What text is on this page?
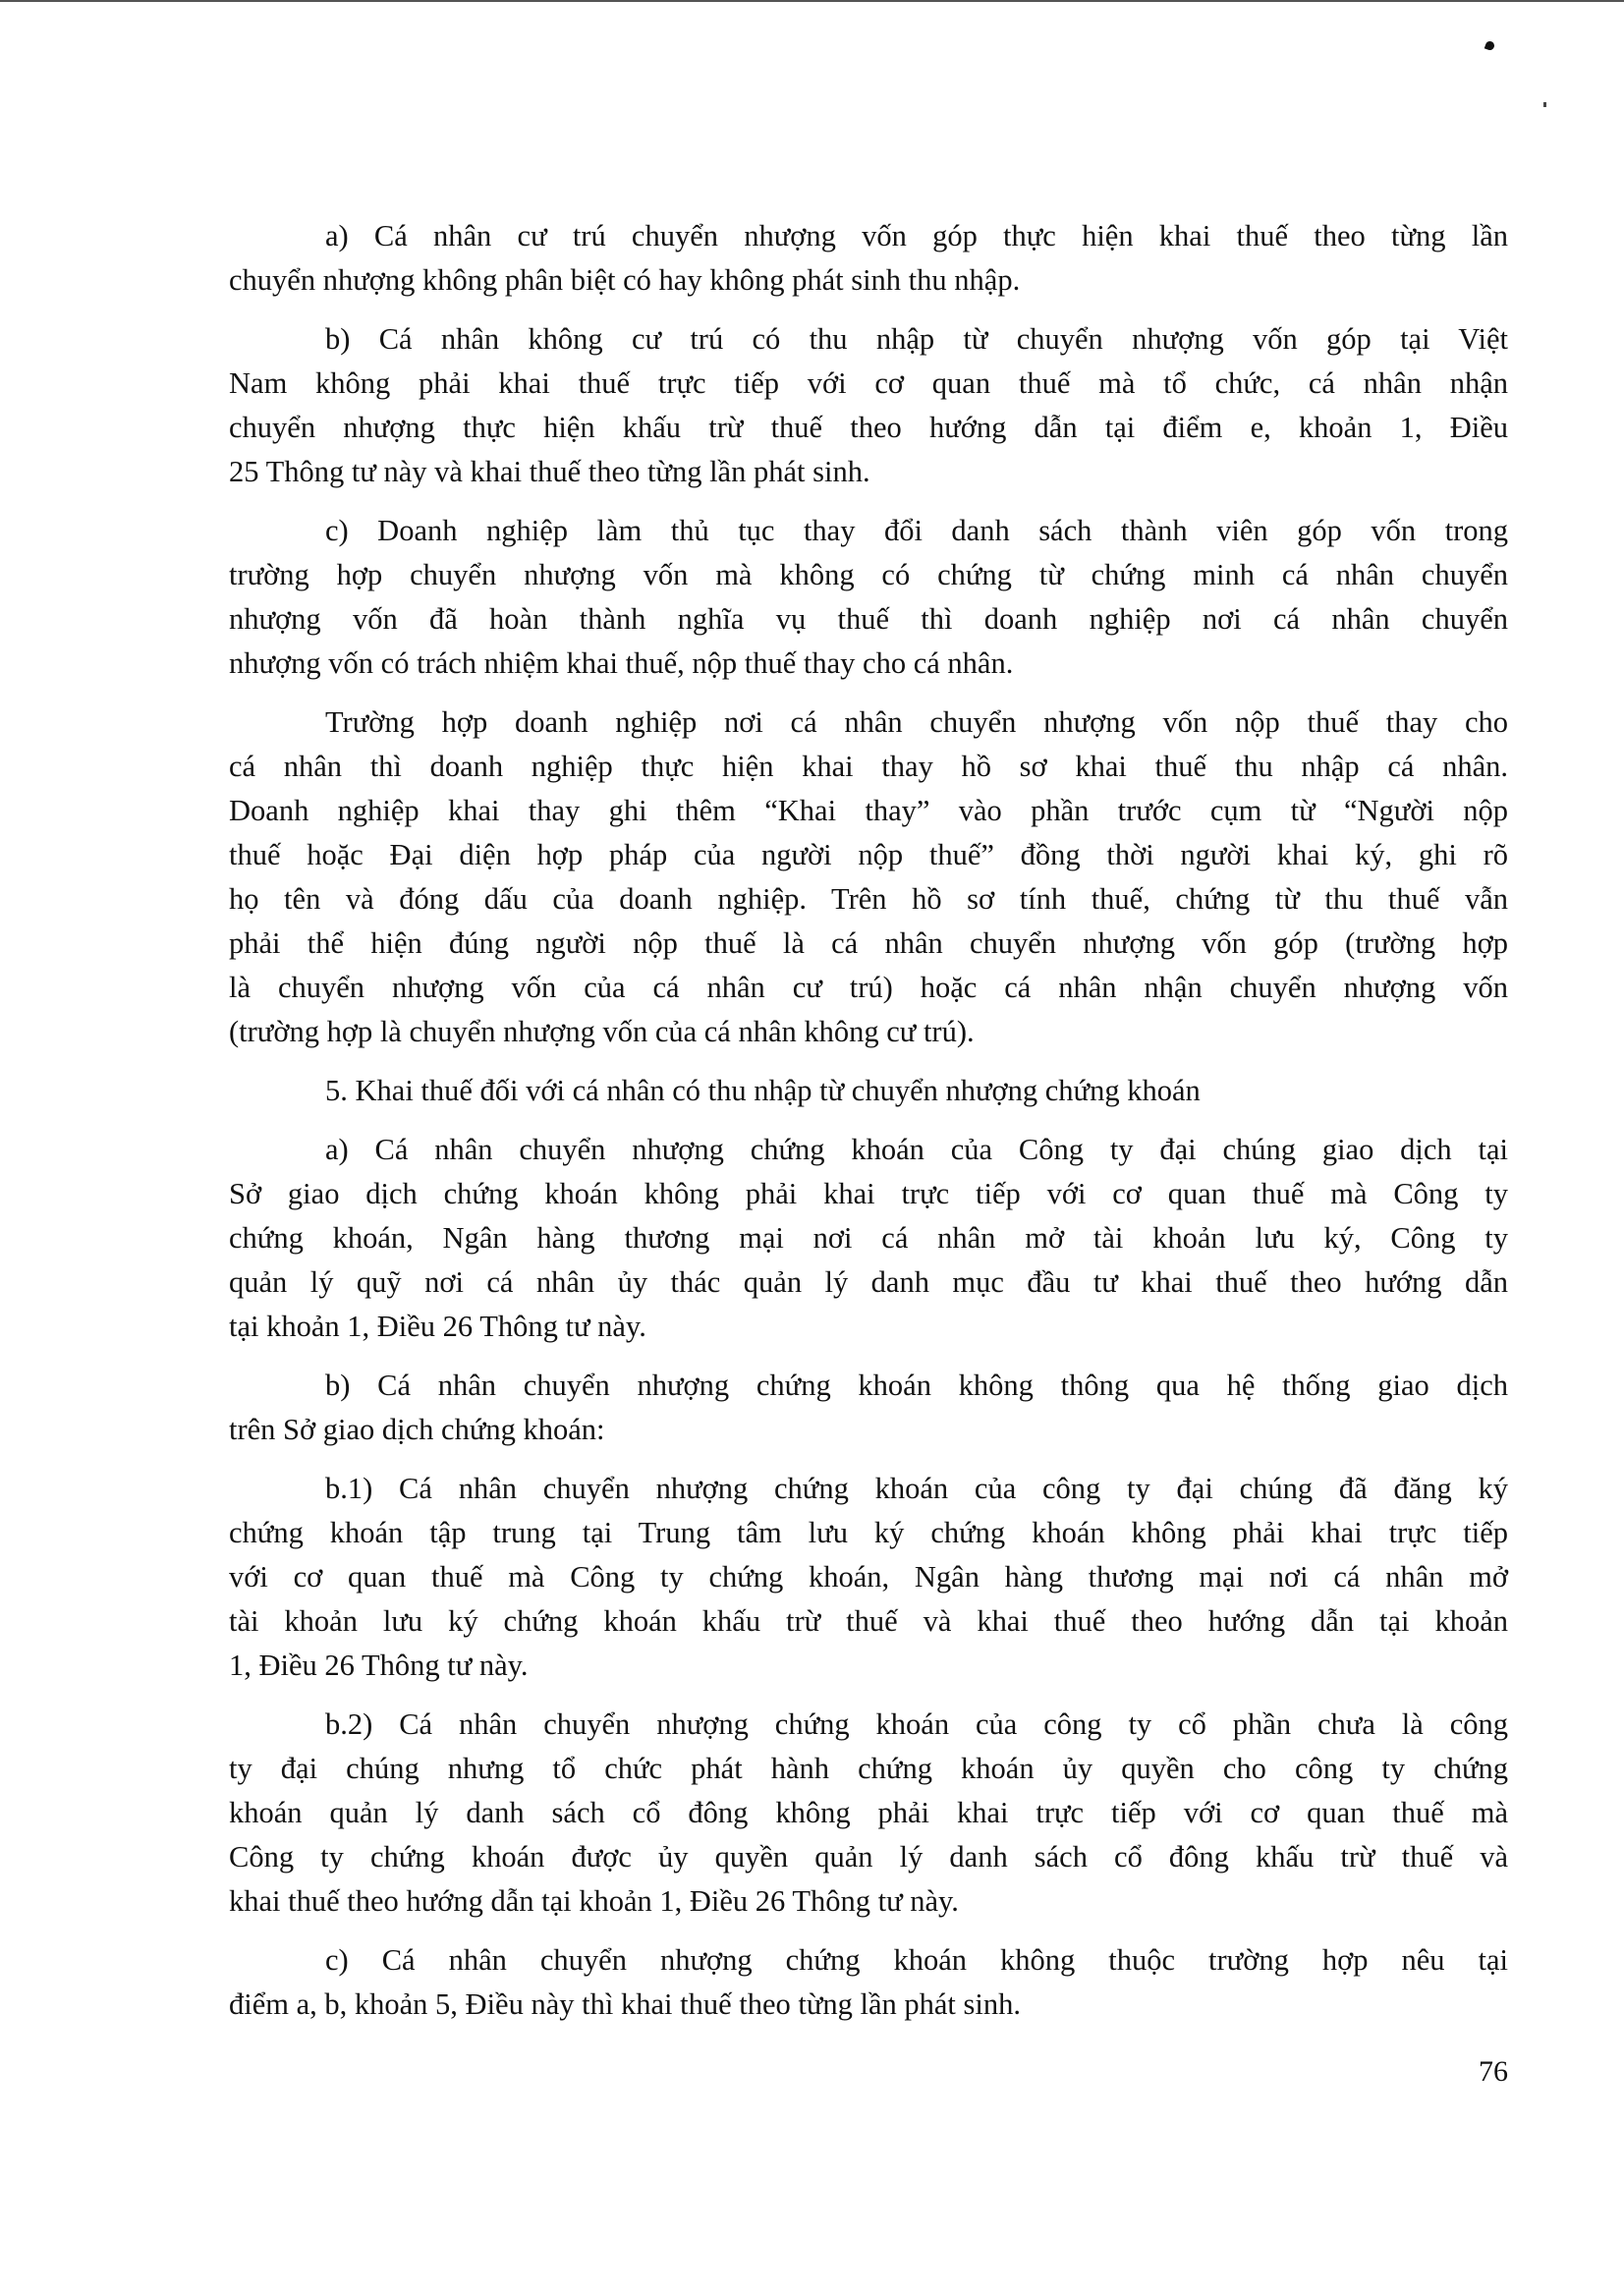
a) Cá nhân cư trú chuyển nhượng vốn góp thực hiện khai thuế theo từng lần
chuyển nhượng không phân biệt có hay không phát sinh thu nhập.
b) Cá nhân không cư trú có thu nhập từ chuyển nhượng vốn góp tại Việt
Nam không phải khai thuế trực tiếp với cơ quan thuế mà tổ chức, cá nhân nhận
chuyển nhượng thực hiện khấu trừ thuế theo hướng dẫn tại điểm e, khoản 1, Điều
25 Thông tư này và khai thuế theo từng lần phát sinh.
c) Doanh nghiệp làm thủ tục thay đổi danh sách thành viên góp vốn trong
trường hợp chuyển nhượng vốn mà không có chứng từ chứng minh cá nhân chuyển
nhượng vốn đã hoàn thành nghĩa vụ thuế thì doanh nghiệp nơi cá nhân chuyển
nhượng vốn có trách nhiệm khai thuế, nộp thuế thay cho cá nhân.
Trường hợp doanh nghiệp nơi cá nhân chuyển nhượng vốn nộp thuế thay cho
cá nhân thì doanh nghiệp thực hiện khai thay hồ sơ khai thuế thu nhập cá nhân.
Doanh nghiệp khai thay ghi thêm “Khai thay” vào phần trước cụm từ “Người nộp
thuế hoặc Đại diện hợp pháp của người nộp thuế” đồng thời người khai ký, ghi rõ
họ tên và đóng dấu của doanh nghiệp. Trên hồ sơ tính thuế, chứng từ thu thuế vẫn
phải thể hiện đúng người nộp thuế là cá nhân chuyển nhượng vốn góp (trường hợp
là chuyển nhượng vốn của cá nhân cư trú) hoặc cá nhân nhận chuyển nhượng vốn
(trường hợp là chuyển nhượng vốn của cá nhân không cư trú).
5. Khai thuế đối với cá nhân có thu nhập từ chuyển nhượng chứng khoán
a) Cá nhân chuyển nhượng chứng khoán của Công ty đại chúng giao dịch tại
Sở giao dịch chứng khoán không phải khai trực tiếp với cơ quan thuế mà Công ty
chứng khoán, Ngân hàng thương mại nơi cá nhân mở tài khoản lưu ký, Công ty
quản lý quỹ nơi cá nhân ủy thác quản lý danh mục đầu tư khai thuế theo hướng dẫn
tại khoản 1, Điều 26 Thông tư này.
b) Cá nhân chuyển nhượng chứng khoán không thông qua hệ thống giao dịch
trên Sở giao dịch chứng khoán:
b.1) Cá nhân chuyển nhượng chứng khoán của công ty đại chúng đã đăng ký
chứng khoán tập trung tại Trung tâm lưu ký chứng khoán không phải khai trực tiếp
với cơ quan thuế mà Công ty chứng khoán, Ngân hàng thương mại nơi cá nhân mở
tài khoản lưu ký chứng khoán khấu trừ thuế và khai thuế theo hướng dẫn tại khoản
1, Điều 26 Thông tư này.
b.2) Cá nhân chuyển nhượng chứng khoán của công ty cổ phần chưa là công
ty đại chúng nhưng tổ chức phát hành chứng khoán ủy quyền cho công ty chứng
khoán quản lý danh sách cổ đông không phải khai trực tiếp với cơ quan thuế mà
Công ty chứng khoán được ủy quyền quản lý danh sách cổ đông khấu trừ thuế và
khai thuế theo hướng dẫn tại khoản 1, Điều 26 Thông tư này.
c) Cá nhân chuyển nhượng chứng khoán không thuộc trường hợp nêu tại
điểm a, b, khoản 5, Điều này thì khai thuế theo từng lần phát sinh.
76
